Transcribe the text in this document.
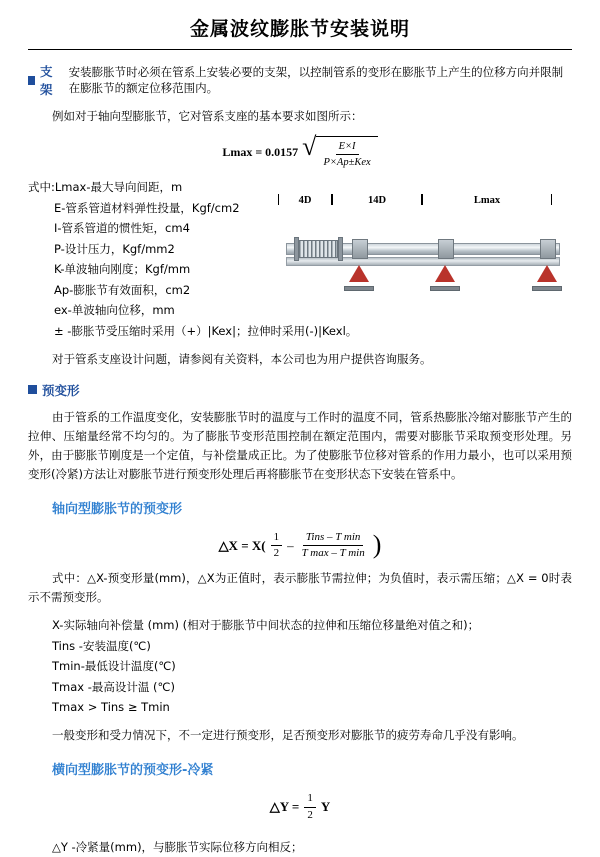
金属波纹膨胀节安装说明
支架
安装膨胀节时必须在管系上安装必要的支架，以控制管系的变形在膨胀节上产生的位移方向并限制在膨胀节的额定位移范围内。

例如对于轴向型膨胀节，它对管系支座的基本要求如图所示：

Lmax = 0.0157 √ $\frac{E\times I}{\text{P×Ap±Kex}}$
式中:Lmax-最大导向间距，m
E-管系管道材料弹性投量，Kgf/cm2
I-管系管道的惯性矩，cm4
P-设计压力，Kgf/mm2
K-单波轴向刚度；Kgf/mm
Ap-膨胀节有效面积，cm2
ex-单波轴向位移，mm
± -膨胀节受压缩时采用（+）|Kex|；拉伸时采用(-)|Kexl。
4D	14D	Lmax

对于管系支座设计问题，请参阅有关资料，本公司也为用户提供咨询服务。

预变形

由于管系的工作温度变化，安装膨胀节时的温度与工作时的温度不同，管系热膨胀冷缩对膨胀节产生的拉伸、压缩量经常不均匀的。为了膨胀节变形范围控制在额定范围内，需要对膨胀节采取预变形处理。另外，由于膨胀节刚度是一个定值，与补偿量成正比。为了使膨胀节位移对管系的作用力最小，也可以采用预变形(冷紧)方法让对膨胀节进行预变形处理后再将膨胀节在变形状态下安装在管系中。

轴向型膨胀节的预变形
△X = $X( \frac{1}{2}$ –
Tins – T min
T max – T min )

式中：△X-预变形量(mm)，△X为正值时，表示膨胀节需拉伸；为负值时，表示需压缩；△X = 0时表示不需预变形。

X-实际轴向补偿量 (mm) (相对于膨胀节中间状态的拉伸和压缩位移量绝对值之和)；
Tins -安装温度(℃)
Tmin-最低设计温度(℃)
Tmax -最高设计温 (℃)
Tmax > Tins ≥ Tmin

一般变形和受力情况下，不一定进行预变形，足否预变形对膨胀节的疲劳寿命几乎没有影响。

横向型膨胀节的预变形-冷紧
△Y = $\frac{1}{2}$ Y

△Y -冷紧量(mm)，与膨胀节实际位移方向相反；
